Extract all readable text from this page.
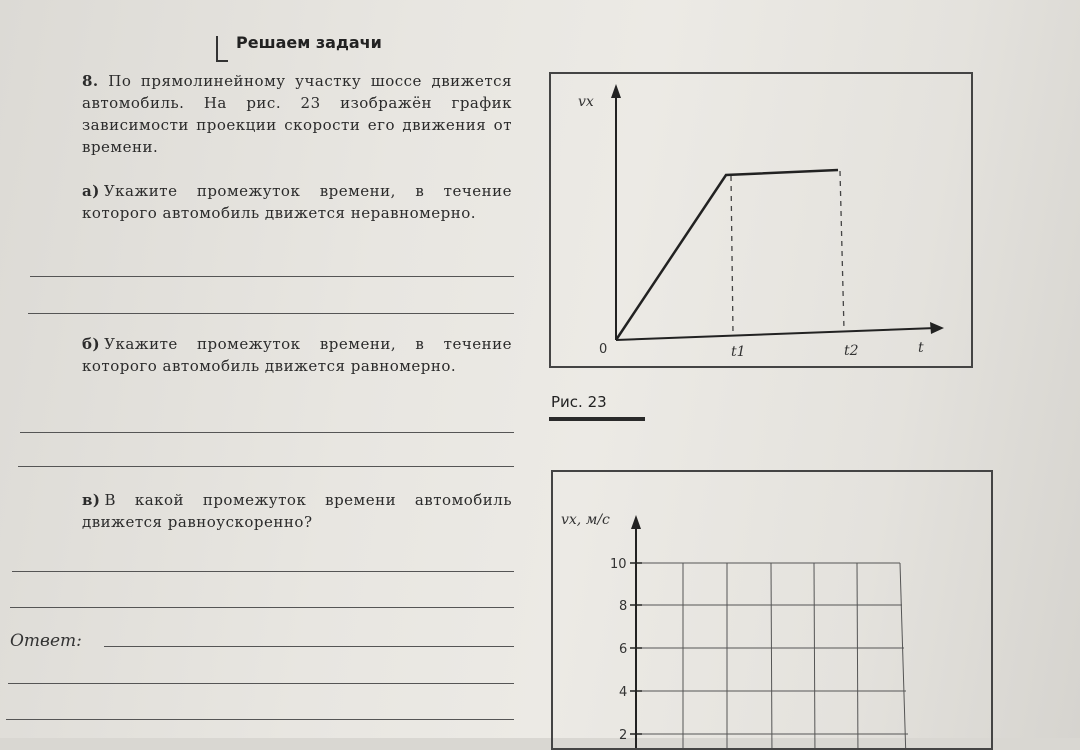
Решаем задачи
8. По прямолинейному участку шоссе движется автомобиль. На рис. 23 изображён график зависимости проекции скорости его движения от времени.
а) Укажите промежуток времени, в течение которого автомобиль движется неравномерно.
б) Укажите промежуток времени, в течение которого автомобиль движется равномерно.
в) В какой промежуток времени автомобиль движется равноускоренно?
Ответ:
vx
t
0	t1	t2
vx, м/с
10
8
6
4
2
Рис. 23
